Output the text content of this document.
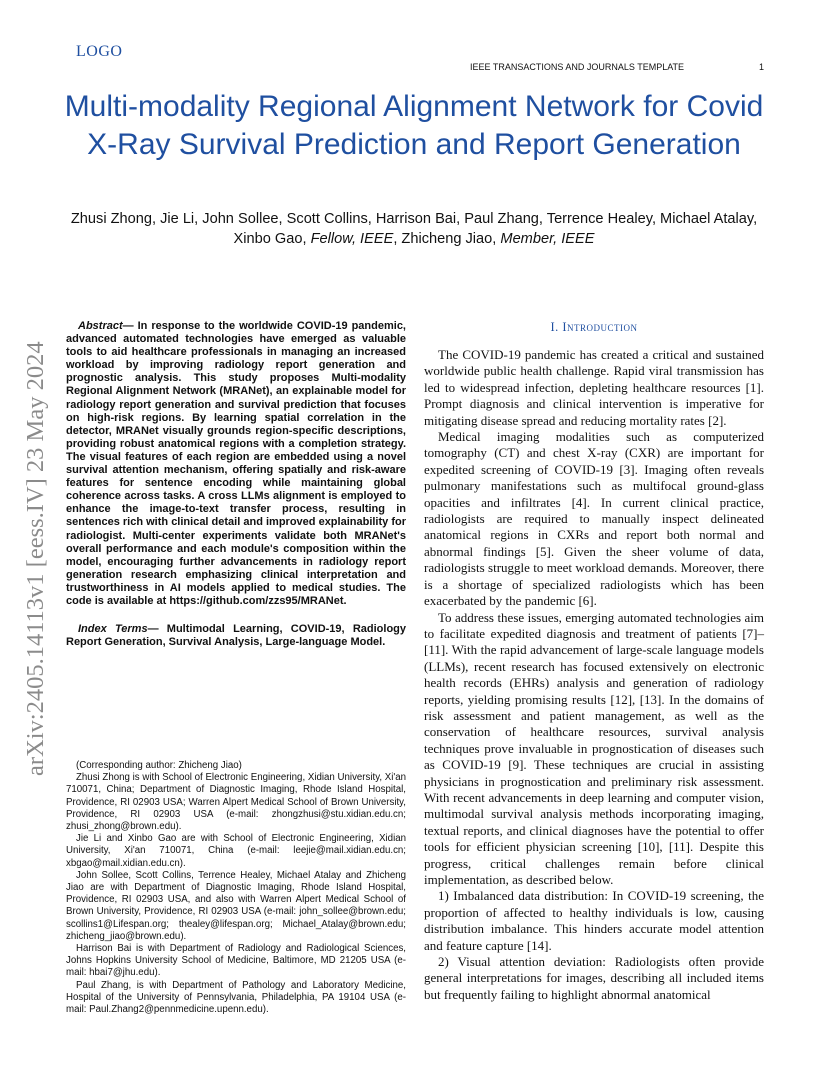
LOGO
IEEE TRANSACTIONS AND JOURNALS TEMPLATE	1
Multi-modality Regional Alignment Network for Covid X-Ray Survival Prediction and Report Generation
Zhusi Zhong, Jie Li, John Sollee, Scott Collins, Harrison Bai, Paul Zhang, Terrence Healey, Michael Atalay,
Xinbo Gao, Fellow, IEEE, Zhicheng Jiao, Member, IEEE
arXiv:2405.14113v1 [eess.IV] 23 May 2024

Abstract— In response to the worldwide COVID-19 pandemic, advanced automated technologies have emerged as valuable tools to aid healthcare professionals in managing an increased workload by improving radiology report generation and prognostic analysis. This study proposes Multi-modality Regional Alignment Network (MRANet), an explainable model for radiology report generation and survival prediction that focuses on high-risk regions. By learning spatial correlation in the detector, MRANet visually grounds region-specific descriptions, providing robust anatomical regions with a completion strategy. The visual features of each region are embedded using a novel survival attention mechanism, offering spatially and risk-aware features for sentence encoding while maintaining global coherence across tasks. A cross LLMs alignment is employed to enhance the image-to-text transfer process, resulting in sentences rich with clinical detail and improved explainability for radiologist. Multi-center experiments validate both MRANet's overall performance and each module's composition within the model, encouraging further advancements in radiology report generation research emphasizing clinical interpretation and trustworthiness in AI models applied to medical studies. The code is available at https://github.com/zzs95/MRANet.

Index Terms— Multimodal Learning, COVID-19, Radiology Report Generation, Survival Analysis, Large-language Model.

(Corresponding author: Zhicheng Jiao)

Zhusi Zhong is with School of Electronic Engineering, Xidian University, Xi'an 710071, China; Department of Diagnostic Imaging, Rhode Island Hospital, Providence, RI 02903 USA; Warren Alpert Medical School of Brown University, Providence, RI 02903 USA (e-mail: zhongzhusi@stu.xidian.edu.cn; zhusi_zhong@brown.edu).

Jie Li and Xinbo Gao are with School of Electronic Engineering, Xidian University, Xi'an 710071, China (e-mail: leejie@mail.xidian.edu.cn; xbgao@mail.xidian.edu.cn).

John Sollee, Scott Collins, Terrence Healey, Michael Atalay and Zhicheng Jiao are with Department of Diagnostic Imaging, Rhode Island Hospital, Providence, RI 02903 USA, and also with Warren Alpert Medical School of Brown University, Providence, RI 02903 USA (e-mail: john_sollee@brown.edu; scollins1@Lifespan.org; thealey@lifespan.org; Michael_Atalay@brown.edu; zhicheng_jiao@brown.edu).

Harrison Bai is with Department of Radiology and Radiological Sciences, Johns Hopkins University School of Medicine, Baltimore, MD 21205 USA (e-mail: hbai7@jhu.edu).

Paul Zhang, is with Department of Pathology and Laboratory Medicine, Hospital of the University of Pennsylvania, Philadelphia, PA 19104 USA (e-mail: Paul.Zhang2@pennmedicine.upenn.edu).

I. Introduction

The COVID-19 pandemic has created a critical and sustained worldwide public health challenge. Rapid viral transmission has led to widespread infection, depleting healthcare resources [1]. Prompt diagnosis and clinical intervention is imperative for mitigating disease spread and reducing mortality rates [2].

Medical imaging modalities such as computerized tomography (CT) and chest X-ray (CXR) are important for expedited screening of COVID-19 [3]. Imaging often reveals pulmonary manifestations such as multifocal ground-glass opacities and infiltrates [4]. In current clinical practice, radiologists are required to manually inspect delineated anatomical regions in CXRs and report both normal and abnormal findings [5]. Given the sheer volume of data, radiologists struggle to meet workload demands. Moreover, there is a shortage of specialized radiologists which has been exacerbated by the pandemic [6].

To address these issues, emerging automated technologies aim to facilitate expedited diagnosis and treatment of patients [7]–[11]. With the rapid advancement of large-scale language models (LLMs), recent research has focused extensively on electronic health records (EHRs) analysis and generation of radiology reports, yielding promising results [12], [13]. In the domains of risk assessment and patient management, as well as the conservation of healthcare resources, survival analysis techniques prove invaluable in prognostication of diseases such as COVID-19 [9]. These techniques are crucial in assisting physicians in prognostication and preliminary risk assessment. With recent advancements in deep learning and computer vision, multimodal survival analysis methods incorporating imaging, textual reports, and clinical diagnoses have the potential to offer tools for efficient physician screening [10], [11]. Despite this progress, critical challenges remain before clinical implementation, as described below.

1) Imbalanced data distribution: In COVID-19 screening, the proportion of affected to healthy individuals is low, causing distribution imbalance. This hinders accurate model attention and feature capture [14].

2) Visual attention deviation: Radiologists often provide general interpretations for images, describing all included items but frequently failing to highlight abnormal anatomical
